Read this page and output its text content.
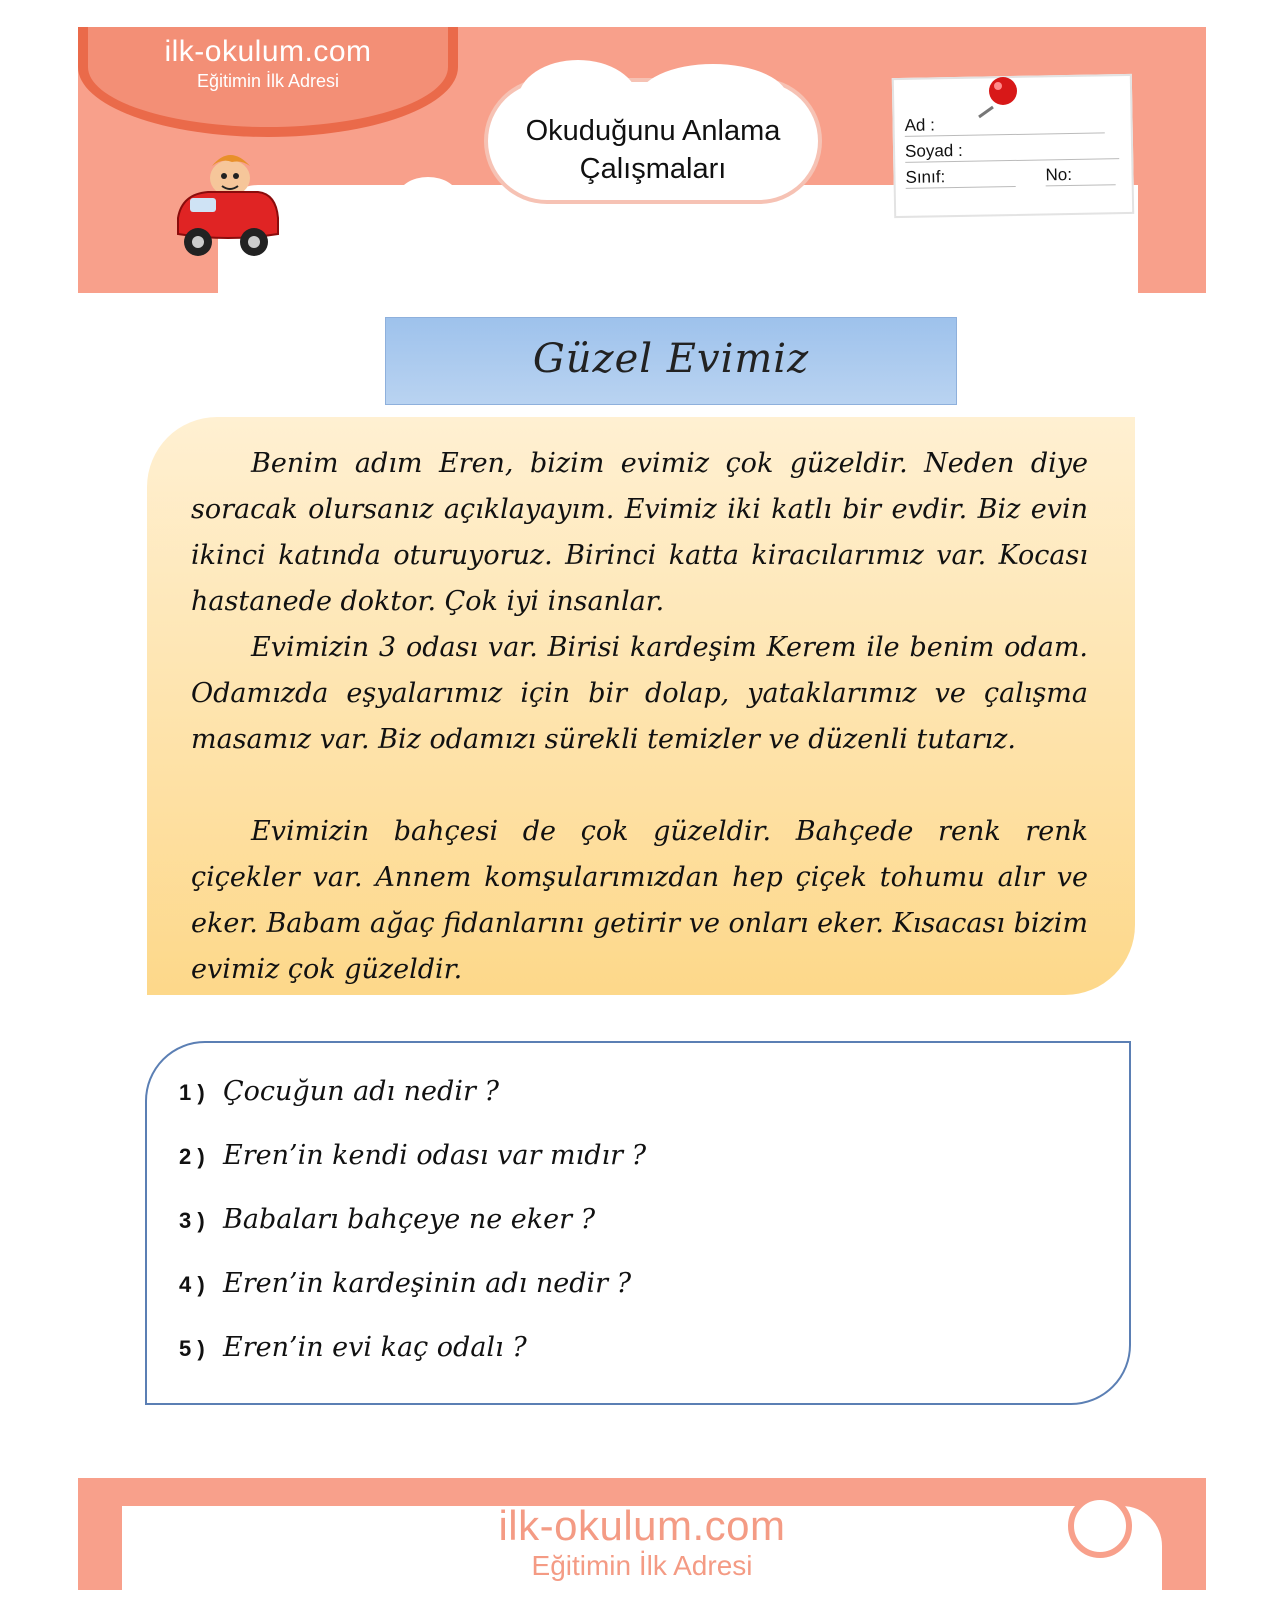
ilk-okulum.com
Eğitimin İlk Adresi
Okuduğunu Anlama
Çalışmaları
Ad :
Soyad :
Sınıf:	No:
Güzel Evimiz

Benim adım Eren, bizim evimiz çok güzeldir. Neden diye soracak olursanız açıklayayım. Evimiz iki katlı bir evdir. Biz evin ikinci katında oturuyoruz. Birinci katta kiracılarımız var. Kocası hastanede doktor. Çok iyi insanlar.

Evimizin 3 odası var. Birisi kardeşim Kerem ile benim odam. Odamızda eşyalarımız için bir dolap, yataklarımız ve çalışma masamız var. Biz odamızı sürekli temizler ve düzenli tutarız.

Evimizin bahçesi de çok güzeldir. Bahçede renk renk çiçekler var. Annem komşularımızdan hep çiçek tohumu alır ve eker. Babam ağaç fidanlarını getirir ve onları eker. Kısacası bizim evimiz çok güzeldir.

1 ) Çocuğun adı nedir ?
2 ) Eren’in kendi odası var mıdır ?
3 ) Babaları bahçeye ne eker ?
4 ) Eren’in kardeşinin adı nedir ?
5 ) Eren’in evi kaç odalı ?
ilk-okulum.com
Eğitimin İlk Adresi
